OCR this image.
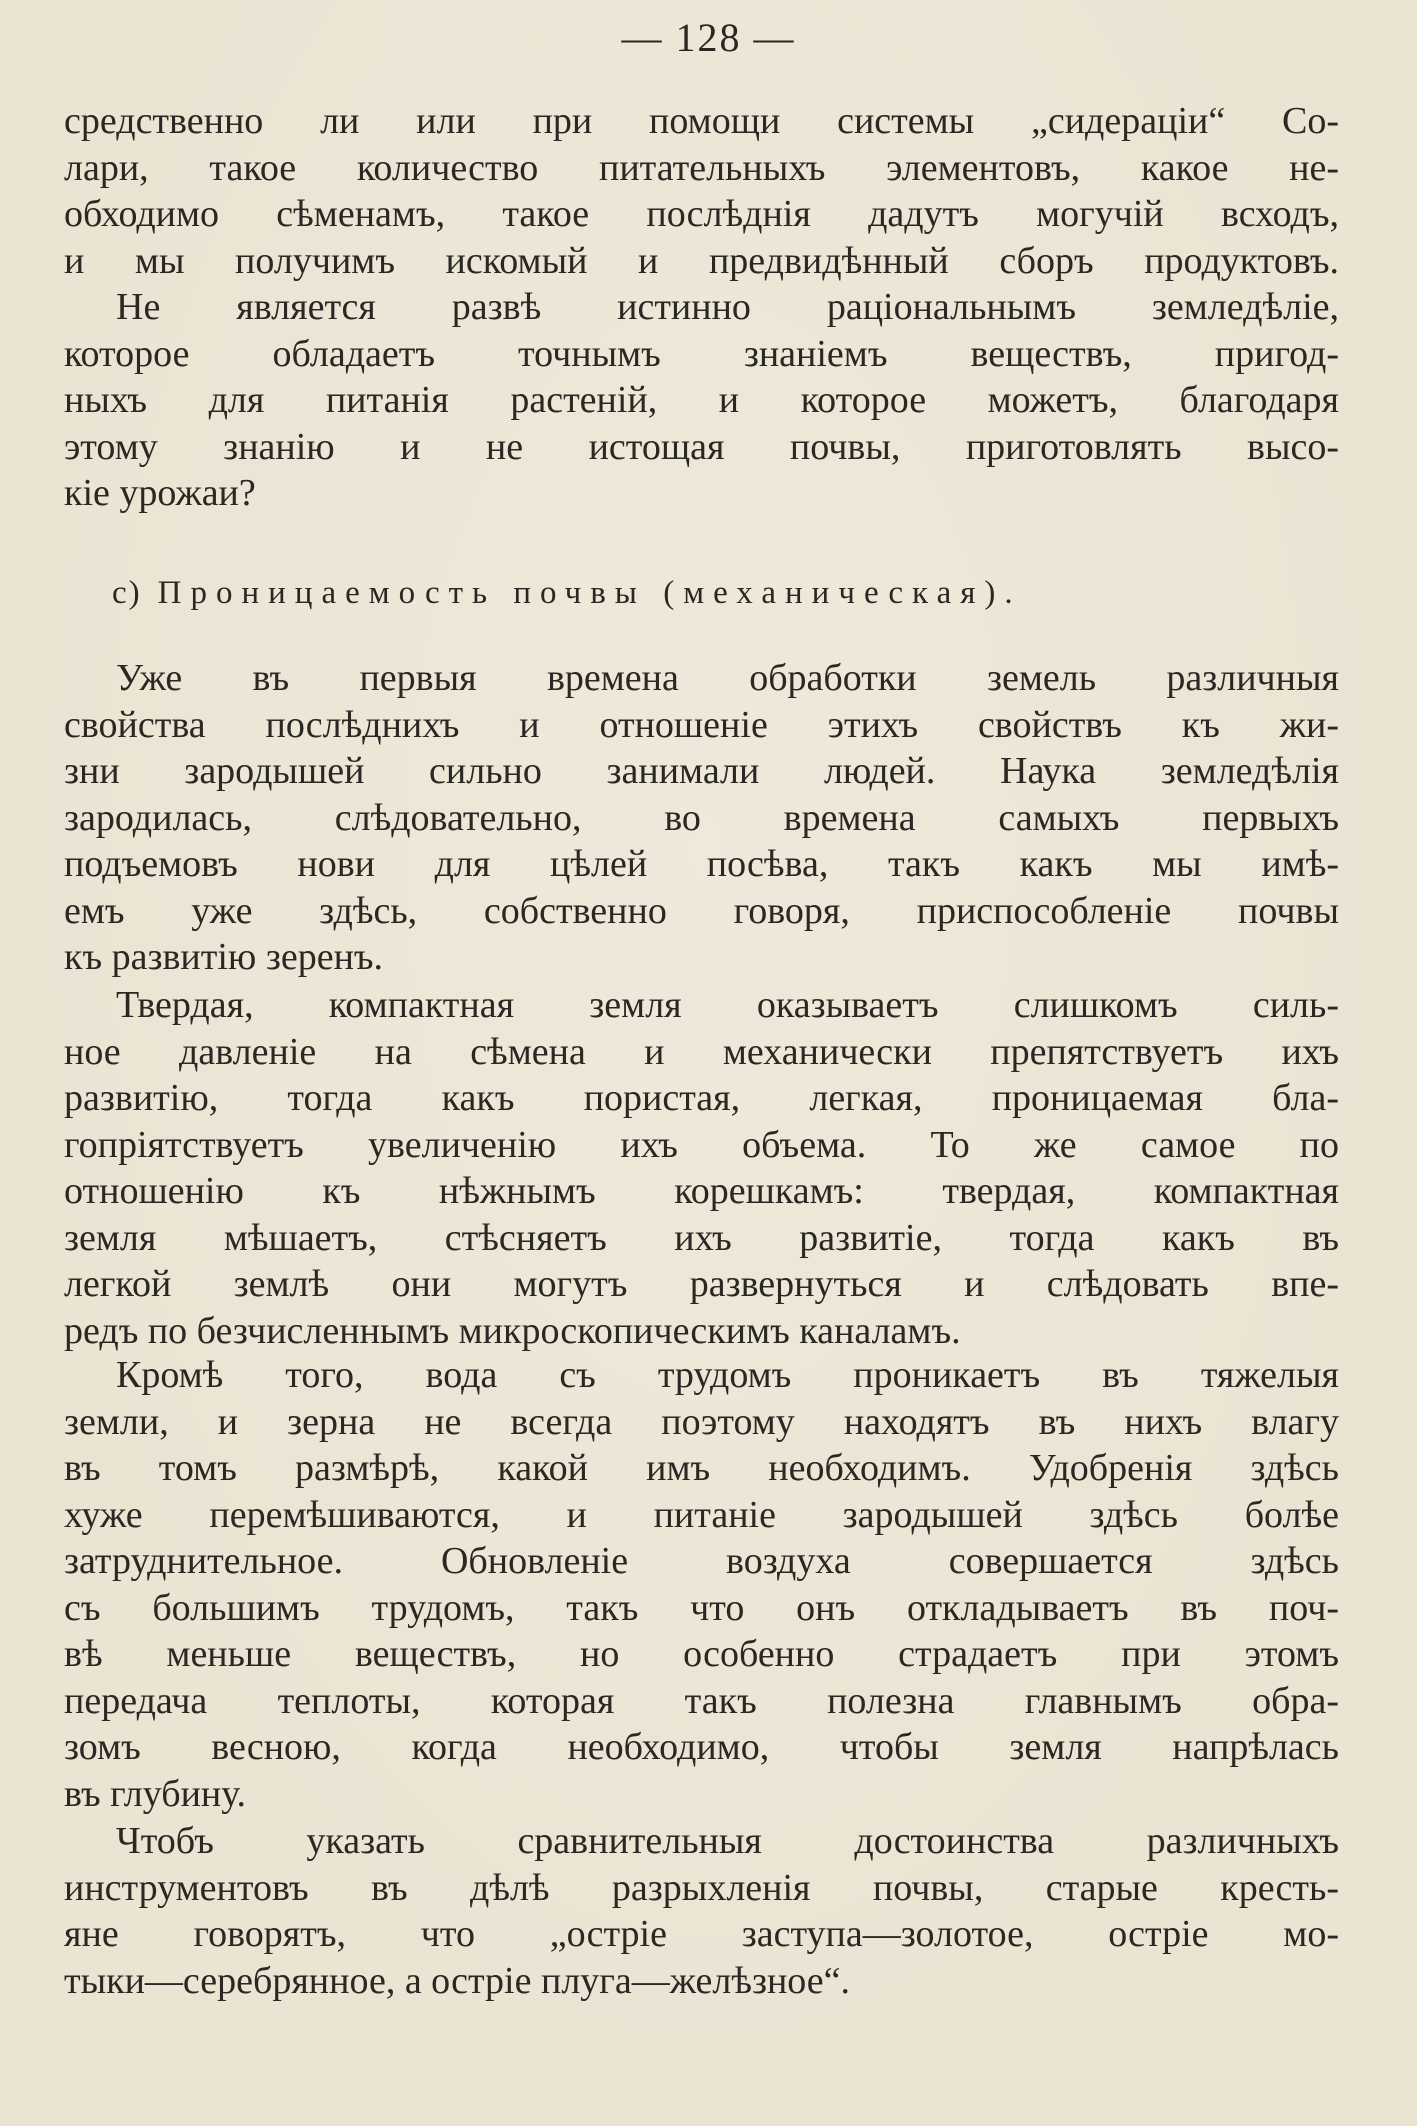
— 128 —
средственно ли или при помощи системы „сидераціи“ Со-
лари, такое количество питательныхъ элементовъ, какое не-
обходимо сѣменамъ, такое послѣднія дадутъ могучій всходъ,
и мы получимъ искомый и предвидѣнный сборъ продуктовъ.
Не является развѣ истинно раціональнымъ земледѣліе,
которое обладаетъ точнымъ знаніемъ веществъ, пригод-
ныхъ для питанія растеній, и которое можетъ, благодаря
этому знанію и не истощая почвы, приготовлять высо-
кіе урожаи?
c) Проницаемость почвы (механическая).
Уже въ первыя времена обработки земель различныя
свойства послѣднихъ и отношеніе этихъ свойствъ къ жи-
зни зародышей сильно занимали людей. Наука земледѣлія
зародилась, слѣдовательно, во времена самыхъ первыхъ
подъемовъ нови для цѣлей посѣва, такъ какъ мы имѣ-
емъ уже здѣсь, собственно говоря, приспособленіе почвы
къ развитію зеренъ.
Твердая, компактная земля оказываетъ слишкомъ силь-
ное давленіе на сѣмена и механически препятствуетъ ихъ
развитію, тогда какъ пористая, легкая, проницаемая бла-
гопріятствуетъ увеличенію ихъ объема. То же самое по
отношенію къ нѣжнымъ корешкамъ: твердая, компактная
земля мѣшаетъ, стѣсняетъ ихъ развитіе, тогда какъ въ
легкой землѣ они могутъ развернуться и слѣдовать впе-
редъ по безчисленнымъ микроскопическимъ каналамъ.
Кромѣ того, вода съ трудомъ проникаетъ въ тяжелыя
земли, и зерна не всегда поэтому находятъ въ нихъ влагу
въ томъ размѣрѣ, какой имъ необходимъ. Удобренія здѣсь
хуже перемѣшиваются, и питаніе зародышей здѣсь болѣе
затруднительное. Обновленіе воздуха совершается здѣсь
съ большимъ трудомъ, такъ что онъ откладываетъ въ поч-
вѣ меньше веществъ, но особенно страдаетъ при этомъ
передача теплоты, которая такъ полезна главнымъ обра-
зомъ весною, когда необходимо, чтобы земля напрѣлась
въ глубину.
Чтобъ указать сравнительныя достоинства различныхъ
инструментовъ въ дѣлѣ разрыхленія почвы, старые кресть-
яне говорятъ, что „остріе заступа—золотое, остріе мо-
тыки—серебрянное, а остріе плуга—желѣзное“.
